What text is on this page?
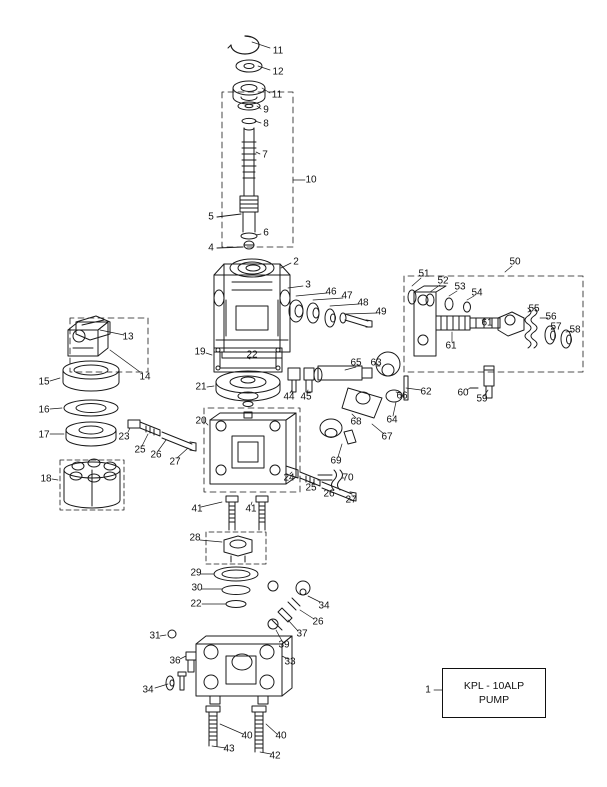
11
12
11
9
8
7
10
5
6
4
2
3
46 47
48
49
50
51
52
53
54
55
56
57 58
61
61
60
59
13
14
15
16
17
18
19	22
21
20
44 45
65 63
62
64
66
67
68
69
70
23
25 26
27
24
25
26
27
41	41
28
29
30
22	34
26
37
39
33
31
36
34
43
40 40
42
1	KPL - 10ALP
PUMP
